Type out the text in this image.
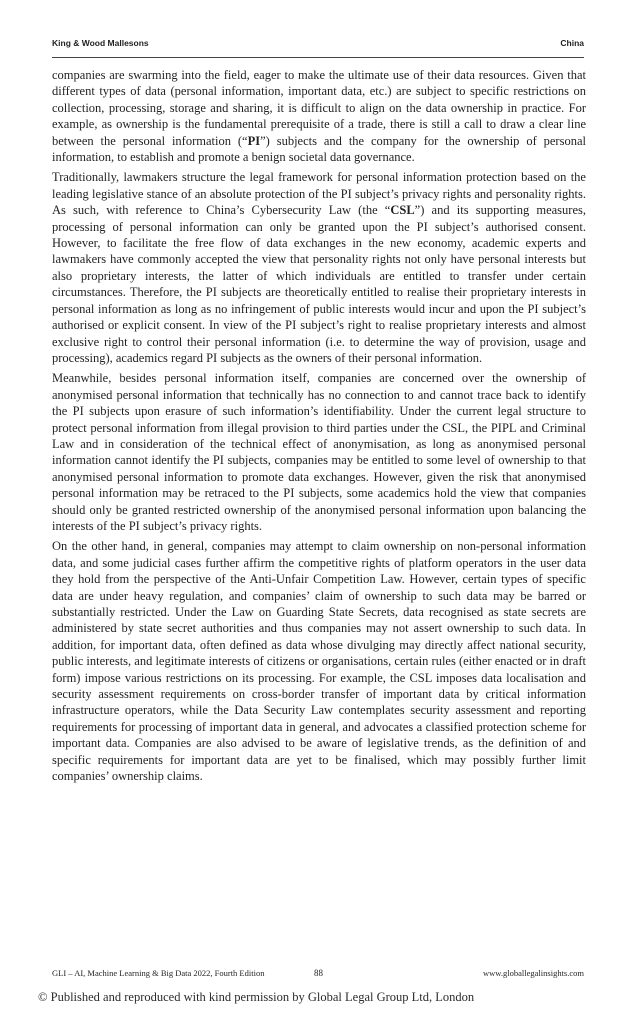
King & Wood Mallesons	China

companies are swarming into the field, eager to make the ultimate use of their data resources. Given that different types of data (personal information, important data, etc.) are subject to specific restrictions on collection, processing, storage and sharing, it is difficult to align on the data ownership in practice. For example, as ownership is the fundamental prerequisite of a trade, there is still a call to draw a clear line between the personal information (“PI”) subjects and the company for the ownership of personal information, to establish and promote a benign societal data governance.

Traditionally, lawmakers structure the legal framework for personal information protection based on the leading legislative stance of an absolute protection of the PI subject’s privacy rights and personality rights. As such, with reference to China’s Cybersecurity Law (the “CSL”) and its supporting measures, processing of personal information can only be granted upon the PI subject’s authorised consent. However, to facilitate the free flow of data exchanges in the new economy, academic experts and lawmakers have commonly accepted the view that personality rights not only have personal interests but also proprietary interests, the latter of which individuals are entitled to transfer under certain circumstances. Therefore, the PI subjects are theoretically entitled to realise their proprietary interests in personal information as long as no infringement of public interests would incur and upon the PI subject’s authorised or explicit consent. In view of the PI subject’s right to realise proprietary interests and almost exclusive right to control their personal information (i.e. to determine the way of provision, usage and processing), academics regard PI subjects as the owners of their personal information.

Meanwhile, besides personal information itself, companies are concerned over the ownership of anonymised personal information that technically has no connection to and cannot trace back to identify the PI subjects upon erasure of such information’s identifiability. Under the current legal structure to protect personal information from illegal provision to third parties under the CSL, the PIPL and Criminal Law and in consideration of the technical effect of anonymisation, as long as anonymised personal information cannot identify the PI subjects, companies may be entitled to some level of ownership to that anonymised personal information to promote data exchanges. However, given the risk that anonymised personal information may be retraced to the PI subjects, some academics hold the view that companies should only be granted restricted ownership of the anonymised personal information upon balancing the interests of the PI subject’s privacy rights.

On the other hand, in general, companies may attempt to claim ownership on non-personal information data, and some judicial cases further affirm the competitive rights of platform operators in the user data they hold from the perspective of the Anti-Unfair Competition Law. However, certain types of specific data are under heavy regulation, and companies’ claim of ownership to such data may be barred or substantially restricted. Under the Law on Guarding State Secrets, data recognised as state secrets are administered by state secret authorities and thus companies may not assert ownership to such data. In addition, for important data, often defined as data whose divulging may directly affect national security, public interests, and legitimate interests of citizens or organisations, certain rules (either enacted or in draft form) impose various restrictions on its processing. For example, the CSL imposes data localisation and security assessment requirements on cross-border transfer of important data by critical information infrastructure operators, while the Data Security Law contemplates security assessment and reporting requirements for processing of important data in general, and advocates a classified protection scheme for important data. Companies are also advised to be aware of legislative trends, as the definition of and specific requirements for important data are yet to be finalised, which may possibly further limit companies’ ownership claims.

GLI – AI, Machine Learning & Big Data 2022, Fourth Edition	88	www.globallegalinsights.com
© Published and reproduced with kind permission by Global Legal Group Ltd, London
